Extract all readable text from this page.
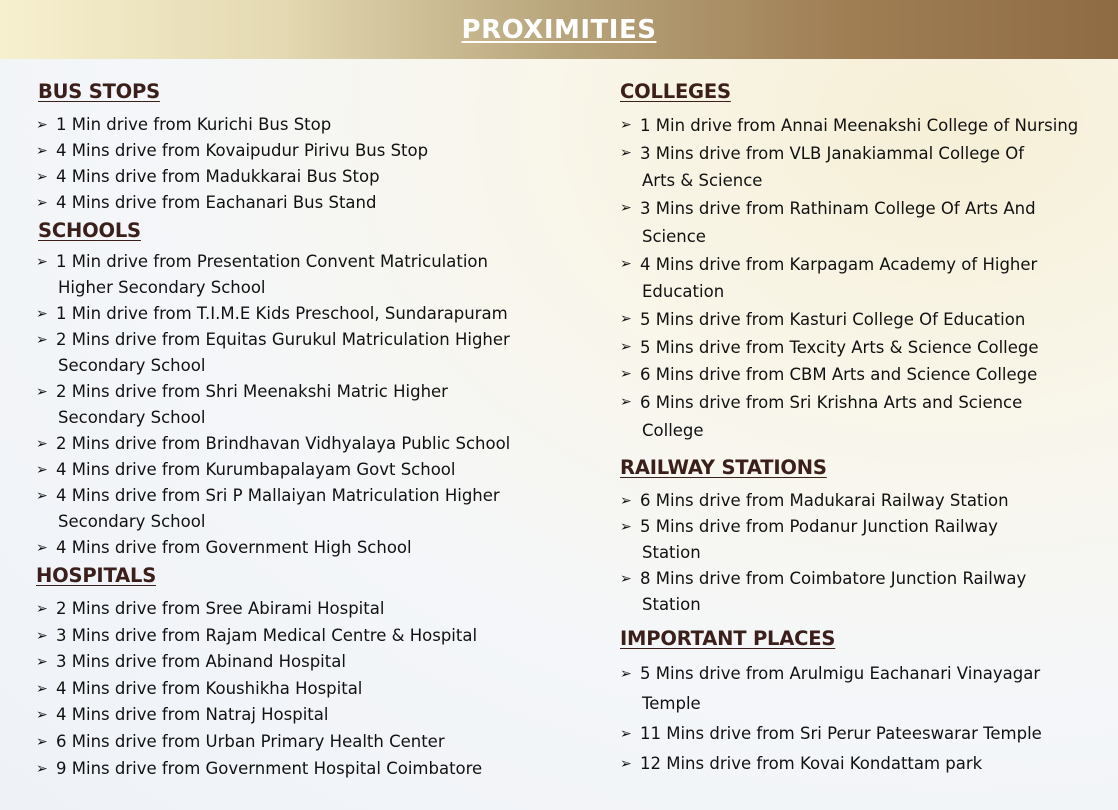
PROXIMITIES
BUS STOPS
➢ 1 Min drive from Kurichi Bus Stop
➢ 4 Mins drive from Kovaipudur Pirivu Bus Stop
➢ 4 Mins drive from Madukkarai Bus Stop
➢ 4 Mins drive from Eachanari Bus Stand
SCHOOLS
➢ 1 Min drive from Presentation Convent Matriculation
Higher Secondary School
➢ 1 Min drive from T.I.M.E Kids Preschool, Sundarapuram
➢ 2 Mins drive from Equitas Gurukul Matriculation Higher
Secondary School
➢ 2 Mins drive from Shri Meenakshi Matric Higher
Secondary School
➢ 2 Mins drive from Brindhavan Vidhyalaya Public School
➢ 4 Mins drive from Kurumbapalayam Govt School
➢ 4 Mins drive from Sri P Mallaiyan Matriculation Higher
Secondary School
➢ 4 Mins drive from Government High School
HOSPITALS
➢ 2 Mins drive from Sree Abirami Hospital
➢ 3 Mins drive from Rajam Medical Centre & Hospital
➢ 3 Mins drive from Abinand Hospital
➢ 4 Mins drive from Koushikha Hospital
➢ 4 Mins drive from Natraj Hospital
➢ 6 Mins drive from Urban Primary Health Center
➢ 9 Mins drive from Government Hospital Coimbatore
COLLEGES
➢ 1 Min drive from Annai Meenakshi College of Nursing
➢ 3 Mins drive from VLB Janakiammal College Of
Arts & Science
➢ 3 Mins drive from Rathinam College Of Arts And
Science
➢ 4 Mins drive from Karpagam Academy of Higher
Education
➢ 5 Mins drive from Kasturi College Of Education
➢ 5 Mins drive from Texcity Arts & Science College
➢ 6 Mins drive from CBM Arts and Science College
➢ 6 Mins drive from Sri Krishna Arts and Science
College
RAILWAY STATIONS
➢ 6 Mins drive from Madukarai Railway Station
➢ 5 Mins drive from Podanur Junction Railway
Station
➢ 8 Mins drive from Coimbatore Junction Railway
Station
IMPORTANT PLACES
➢ 5 Mins drive from Arulmigu Eachanari Vinayagar
Temple
➢ 11 Mins drive from Sri Perur Pateeswarar Temple
➢ 12 Mins drive from Kovai Kondattam park
